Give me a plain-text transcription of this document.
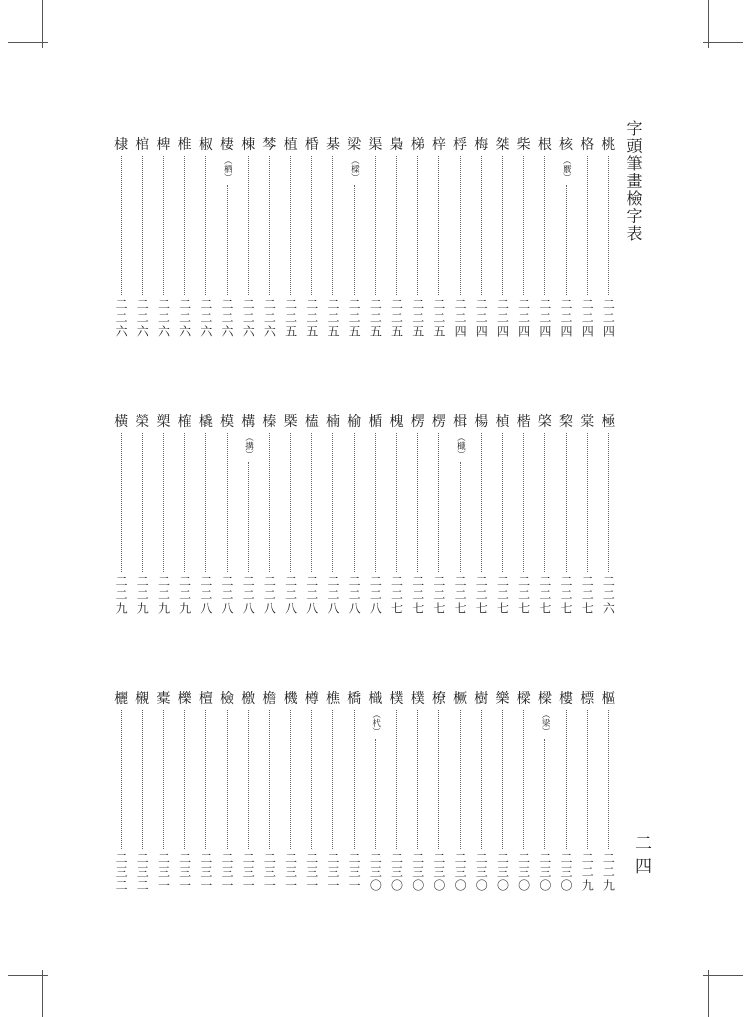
字頭筆畫檢字表
二四
桃
二二四
格
二二四
核
（覈）
二二四
根
二二四
柴
二二四
桀
二二四
梅
二二四
桴
二二四
梓
二二五
梯
二二五
梟
二二五
渠
二二五
梁
（樑）
二二五
棊
二二五
棔
二二五
植
二二五
棽
二二六
棟
二二六
棲
（栖）
二二六
椒
二二六
椎
二二六
椑
二二六
棺
二二六
棣
二二六
極
二二六
棠
二二七
棃
二二七
棨
二二七
楷
二二七
楨
二二七
楊
二二七
楫
（檝）
二二七
楞
二二七
楞
二二七
槐
二二七
楯
二二八
榆
二二八
楠
二二八
榼
二二八
槩
二二八
榛
二二八
構
（搆）
二二八
模
二二八
橇
二二八
榷
二二九
槊
二二九
榮
二二九
橫
二二九
樞
二二九
標
二二九
樓
二三〇
樑
（梁）
二三〇
樑
二三〇
樂
二三〇
樹
二三〇
橛
二三〇
橑
二三〇
樸
二三〇
樸
二三〇
樴
（杙）
二三〇
橋
二三一
樵
二三一
樽
二三一
機
二三一
檐
二三一
檄
二三一
檢
二三一
檀
二三一
櫟
二三一
橐
二三一
櫬
二三二
欐
二三二
